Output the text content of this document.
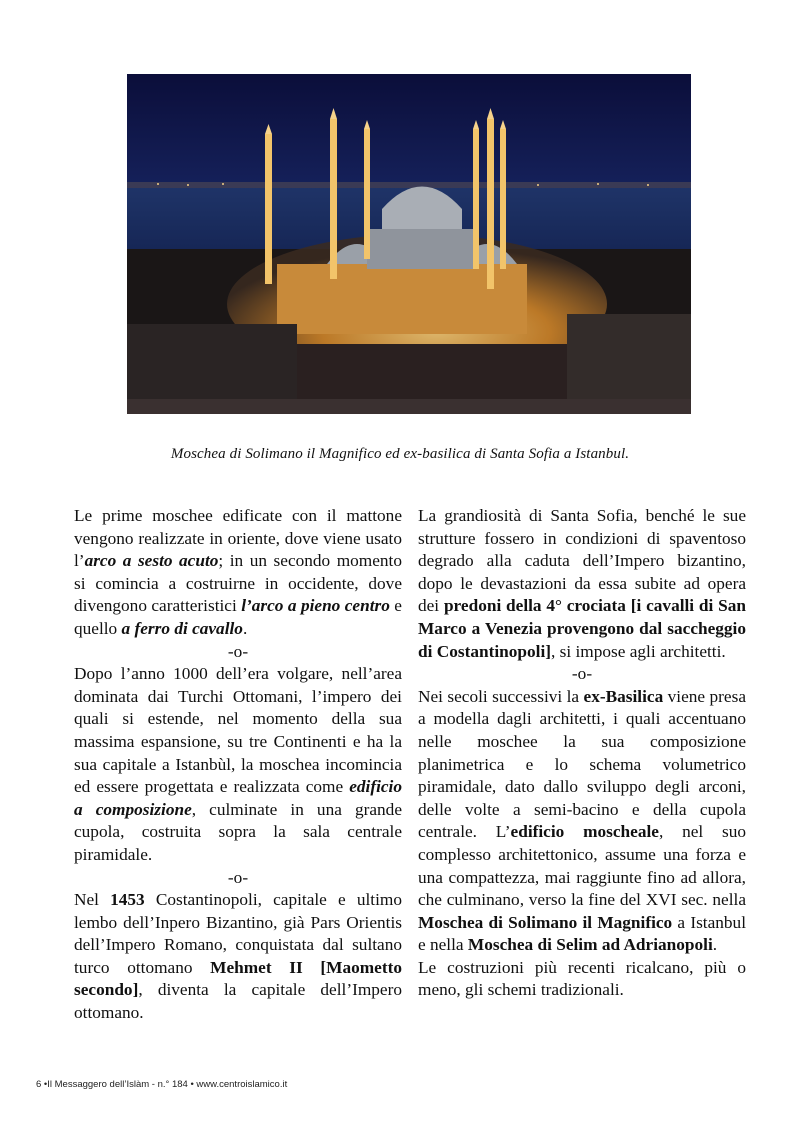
Moschea di Solimano il Magnifico ed ex-basilica di Santa Sofia a Istanbul.

Le prime moschee edificate con il mattone vengono realizzate in oriente, dove viene usato l’arco a sesto acuto; in un secondo momento si comincia a costruirne in occidente, dove divengono caratteristici l’arco a pieno centro e quello a ferro di cavallo.

-o-

Dopo l’anno 1000 dell’era volgare, nell’area dominata dai Turchi Ottomani, l’impero dei quali si estende, nel momento della sua massima espansione, su tre Continenti e ha la sua capitale a Istanbùl, la moschea incomincia ed essere progettata e realizzata come edificio a composizione, culminate in una grande cupola, costruita sopra la sala centrale piramidale.

-o-

Nel 1453 Costantinopoli, capitale e ultimo lembo dell’Inpero Bizantino, già Pars Orientis dell’Impero Romano, conquistata dal sultano turco ottomano Mehmet II [Maometto secondo], diventa la capitale dell’Impero ottomano.

La grandiosità di Santa Sofia, benché le sue strutture fossero in condizioni di spaventoso degrado alla caduta dell’Impero bizantino, dopo le devastazioni da essa subite ad opera dei predoni della 4° crociata [i cavalli di San Marco a Venezia provengono dal saccheggio di Costantinopoli], si impose agli architetti.

-o-

Nei secoli successivi la ex-Basilica viene presa a modella dagli architetti, i quali accentuano nelle moschee la sua composizione planimetrica e lo schema volumetrico piramidale, dato dallo sviluppo degli arconi, delle volte a semi-bacino e della cupola centrale. L’edificio moscheale, nel suo complesso architettonico, assume una forza e una compattezza, mai raggiunte fino ad allora, che culminano, verso la fine del XVI sec. nella Moschea di Solimano il Magnifico a Istanbul e nella Moschea di Selim ad Adrianopoli.

Le costruzioni più recenti ricalcano, più o meno, gli schemi tradizionali.

6 •Il Messaggero dell’Islàm - n.° 184 • www.centroislamico.it
